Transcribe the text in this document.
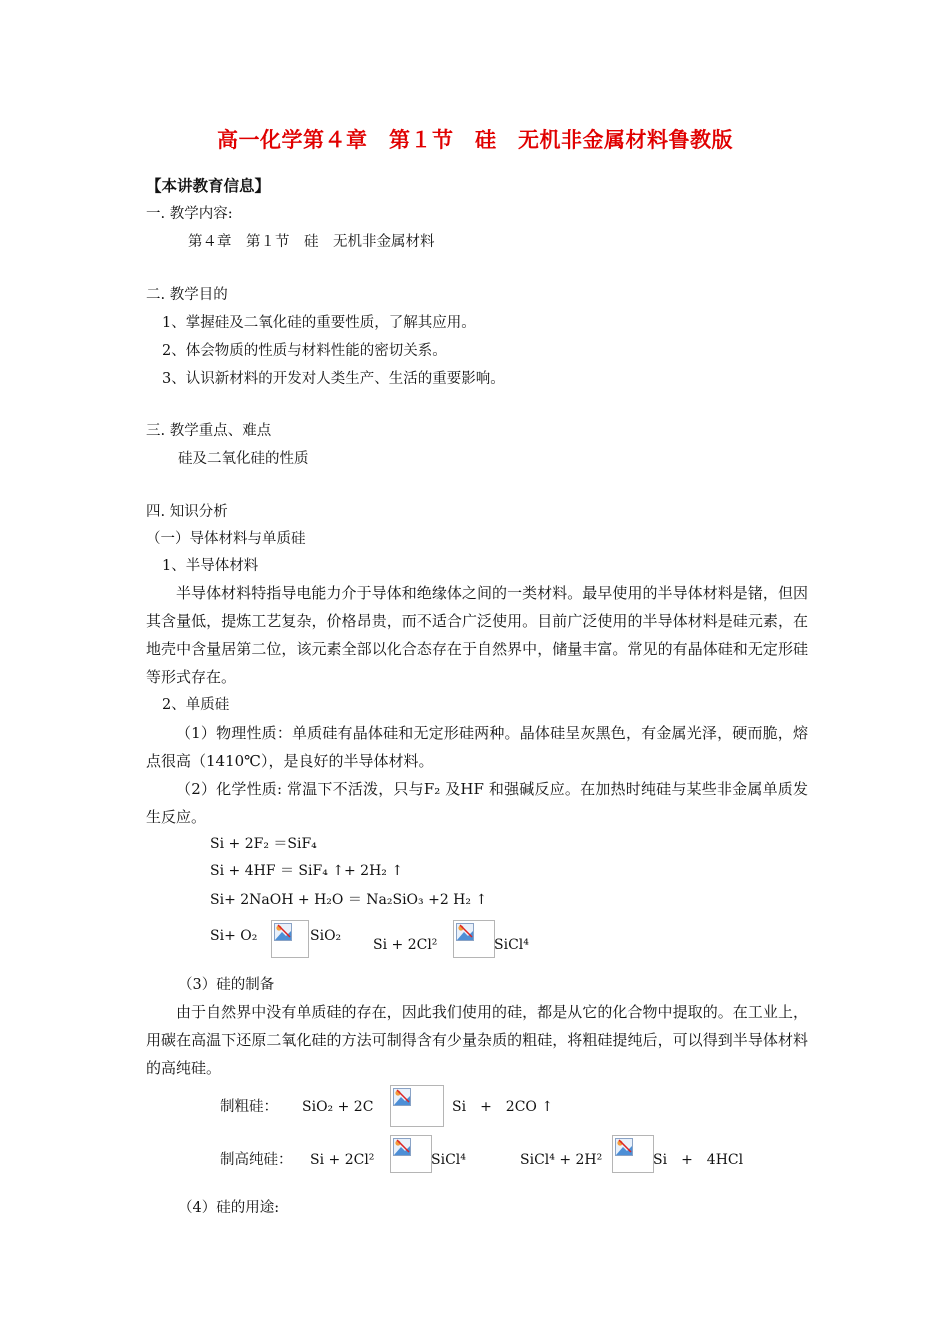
高一化学第４章　第１节　硅　无机非金属材料鲁教版
【本讲教育信息】
一. 教学内容:
第４章　第１节　硅　无机非金属材料
二. 教学目的
1、掌握硅及二氧化硅的重要性质，了解其应用。
2、体会物质的性质与材料性能的密切关系。
3、认识新材料的开发对人类生产、生活的重要影响。
三. 教学重点、难点
硅及二氧化硅的性质
四. 知识分析
（一）导体材料与单质硅
1、半导体材料
半导体材料特指导电能力介于导体和绝缘体之间的一类材料。最早使用的半导体材料是锗，但因其含量低，提炼工艺复杂，价格昂贵，而不适合广泛使用。目前广泛使用的半导体材料是硅元素，在地壳中含量居第二位，该元素全部以化合态存在于自然界中，储量丰富。常见的有晶体硅和无定形硅等形式存在。
2、单质硅
（1）物理性质：单质硅有晶体硅和无定形硅两种。晶体硅呈灰黑色，有金属光泽，硬而脆，熔点很高（1410℃），是良好的半导体材料。
（2）化学性质: 常温下不活泼，只与F₂ 及HF 和强碱反应。在加热时纯硅与某些非金属单质发生反应。
Si + 2F₂ ＝SiF₄
Si + 4HF ＝ SiF₄ ↑+ 2H₂ ↑
Si+ 2NaOH + H₂O ＝ Na₂SiO₃ +2 H₂ ↑
Si+ O₂	SiO₂
Si + 2Cl²	SiCl⁴
（3）硅的制备
由于自然界中没有单质硅的存在，因此我们使用的硅，都是从它的化合物中提取的。在工业上，用碳在高温下还原二氧化硅的方法可制得含有少量杂质的粗硅，将粗硅提纯后，可以得到半导体材料的高纯硅。
制粗硅： SiO₂ + 2C	Si　+　2CO ↑
制高纯硅： Si + 2Cl²	SiCl⁴	SiCl⁴ + 2H²	Si　+　4HCl
（4）硅的用途:
